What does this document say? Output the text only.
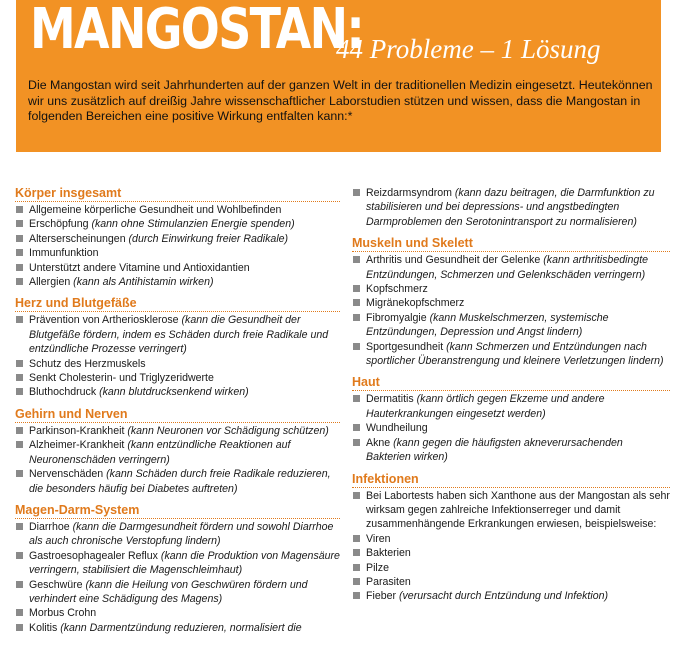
MANGOSTAN:
44 Probleme – 1 Lösung
Die Mangostan wird seit Jahrhunderten auf der ganzen Welt in der traditionellen Medizin eingesetzt. Heutekönnen wir uns zusätzlich auf dreißig Jahre wissenschaftlicher Laborstudien stützen und wissen, dass die Mangostan in folgenden Bereichen eine positive Wirkung entfalten kann:*
Körper insgesamt
Allgemeine körperliche Gesundheit und Wohlbefinden
Erschöpfung (kann ohne Stimulanzien Energie spenden)
Alterserscheinungen (durch Einwirkung freier Radikale)
Immunfunktion
Unterstützt andere Vitamine und Antioxidantien
Allergien (kann als Antihistamin wirken)
Herz und Blutgefäße
Prävention von Artheriosklerose (kann die Gesundheit der Blutgefäße fördern, indem es Schäden durch freie Radikale und entzündliche Prozesse verringert)
Schutz des Herzmuskels
Senkt Cholesterin- und Triglyzeridwerte
Bluthochdruck (kann blutdrucksenkend wirken)
Gehirn und Nerven
Parkinson-Krankheit (kann Neuronen vor Schädigung schützen)
Alzheimer-Krankheit (kann entzündliche Reaktionen auf Neuronenschäden verringern)
Nervenschäden (kann Schäden durch freie Radikale reduzieren, die besonders häufig bei Diabetes auftreten)
Magen-Darm-System
Diarrhoe (kann die Darmgesundheit fördern und sowohl Diarrhoe als auch chronische Verstopfung lindern)
Gastroesophagealer Reflux (kann die Produktion von Magensäure verringern, stabilisiert die Magenschleimhaut)
Geschwüre (kann die Heilung von Geschwüren fördern und verhindert eine Schädigung des Magens)
Morbus Crohn
Kolitis (kann Darmentzündung reduzieren, normalisiert die
Reizdarmsyndrom (kann dazu beitragen, die Darmfunktion zu stabilisieren und bei depressions- und angstbedingten Darmproblemen den Serotonintransport zu normalisieren)
Muskeln und Skelett
Arthritis und Gesundheit der Gelenke (kann arthritisbedingte Entzündungen, Schmerzen und Gelenkschäden verringern)
Kopfschmerz
Migränekopfschmerz
Fibromyalgie (kann Muskelschmerzen, systemische Entzündungen, Depression und Angst lindern)
Sportgesundheit (kann Schmerzen und Entzündungen nach sportlicher Überanstrengung und kleinere Verletzungen lindern)
Haut
Dermatitis (kann örtlich gegen Ekzeme und andere Hauterkrankungen eingesetzt werden)
Wundheilung
Akne (kann gegen die häufigsten akneverursachenden Bakterien wirken)
Infektionen
Bei Labortests haben sich Xanthone aus der Mangostan als sehr wirksam gegen zahlreiche Infektionserreger und damit zusammenhängende Erkrankungen erwiesen, beispielsweise:
Viren
Bakterien
Pilze
Parasiten
Fieber (verursacht durch Entzündung und Infektion)
